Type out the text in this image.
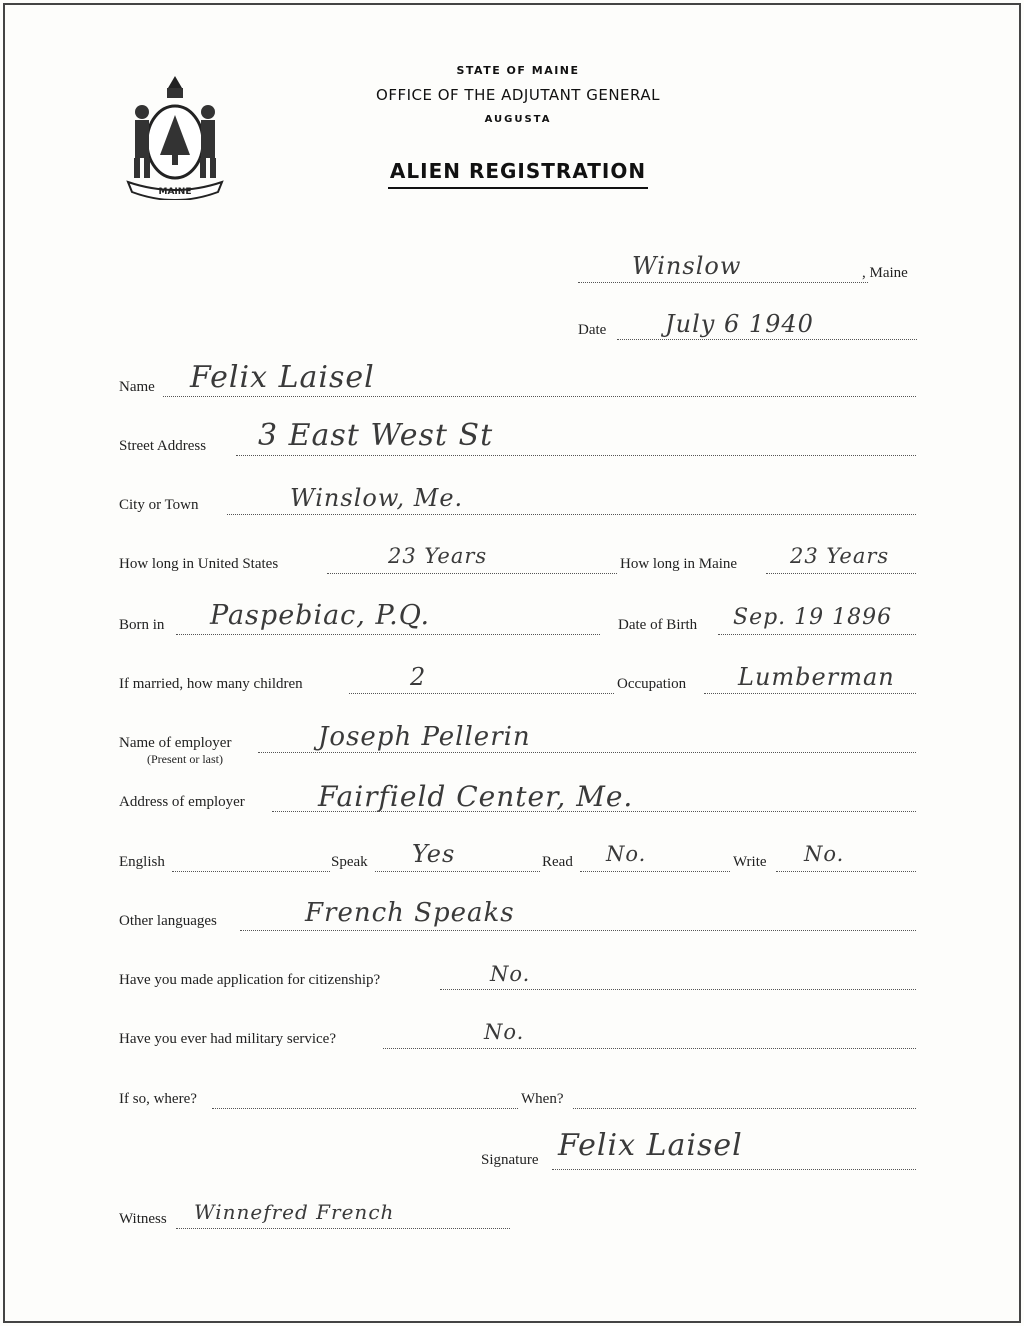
MAINE
STATE OF MAINE
OFFICE OF THE ADJUTANT GENERAL
AUGUSTA
ALIEN REGISTRATION
Winslow	, Maine
Date July 6 1940
Name Felix Laisel
Street Address 3 East West St
City or Town	Winslow, Me.
How long in United States	23 Years	How long in Maine	23 Years
Born in Paspebiac, P.Q.	Date of Birth Sep. 19 1896
If married, how many children	2	Occupation Lumberman
Name of employer
(Present or last)
Joseph Pellerin
Address of employer	Fairfield Center, Me.
English	Speak Yes	Read No.	Write No.
Other languages	French Speaks
Have you made application for citizenship?	No.
Have you ever had military service?	No.
If so, where?	When?
Signature Felix Laisel
Witness Winnefred French
